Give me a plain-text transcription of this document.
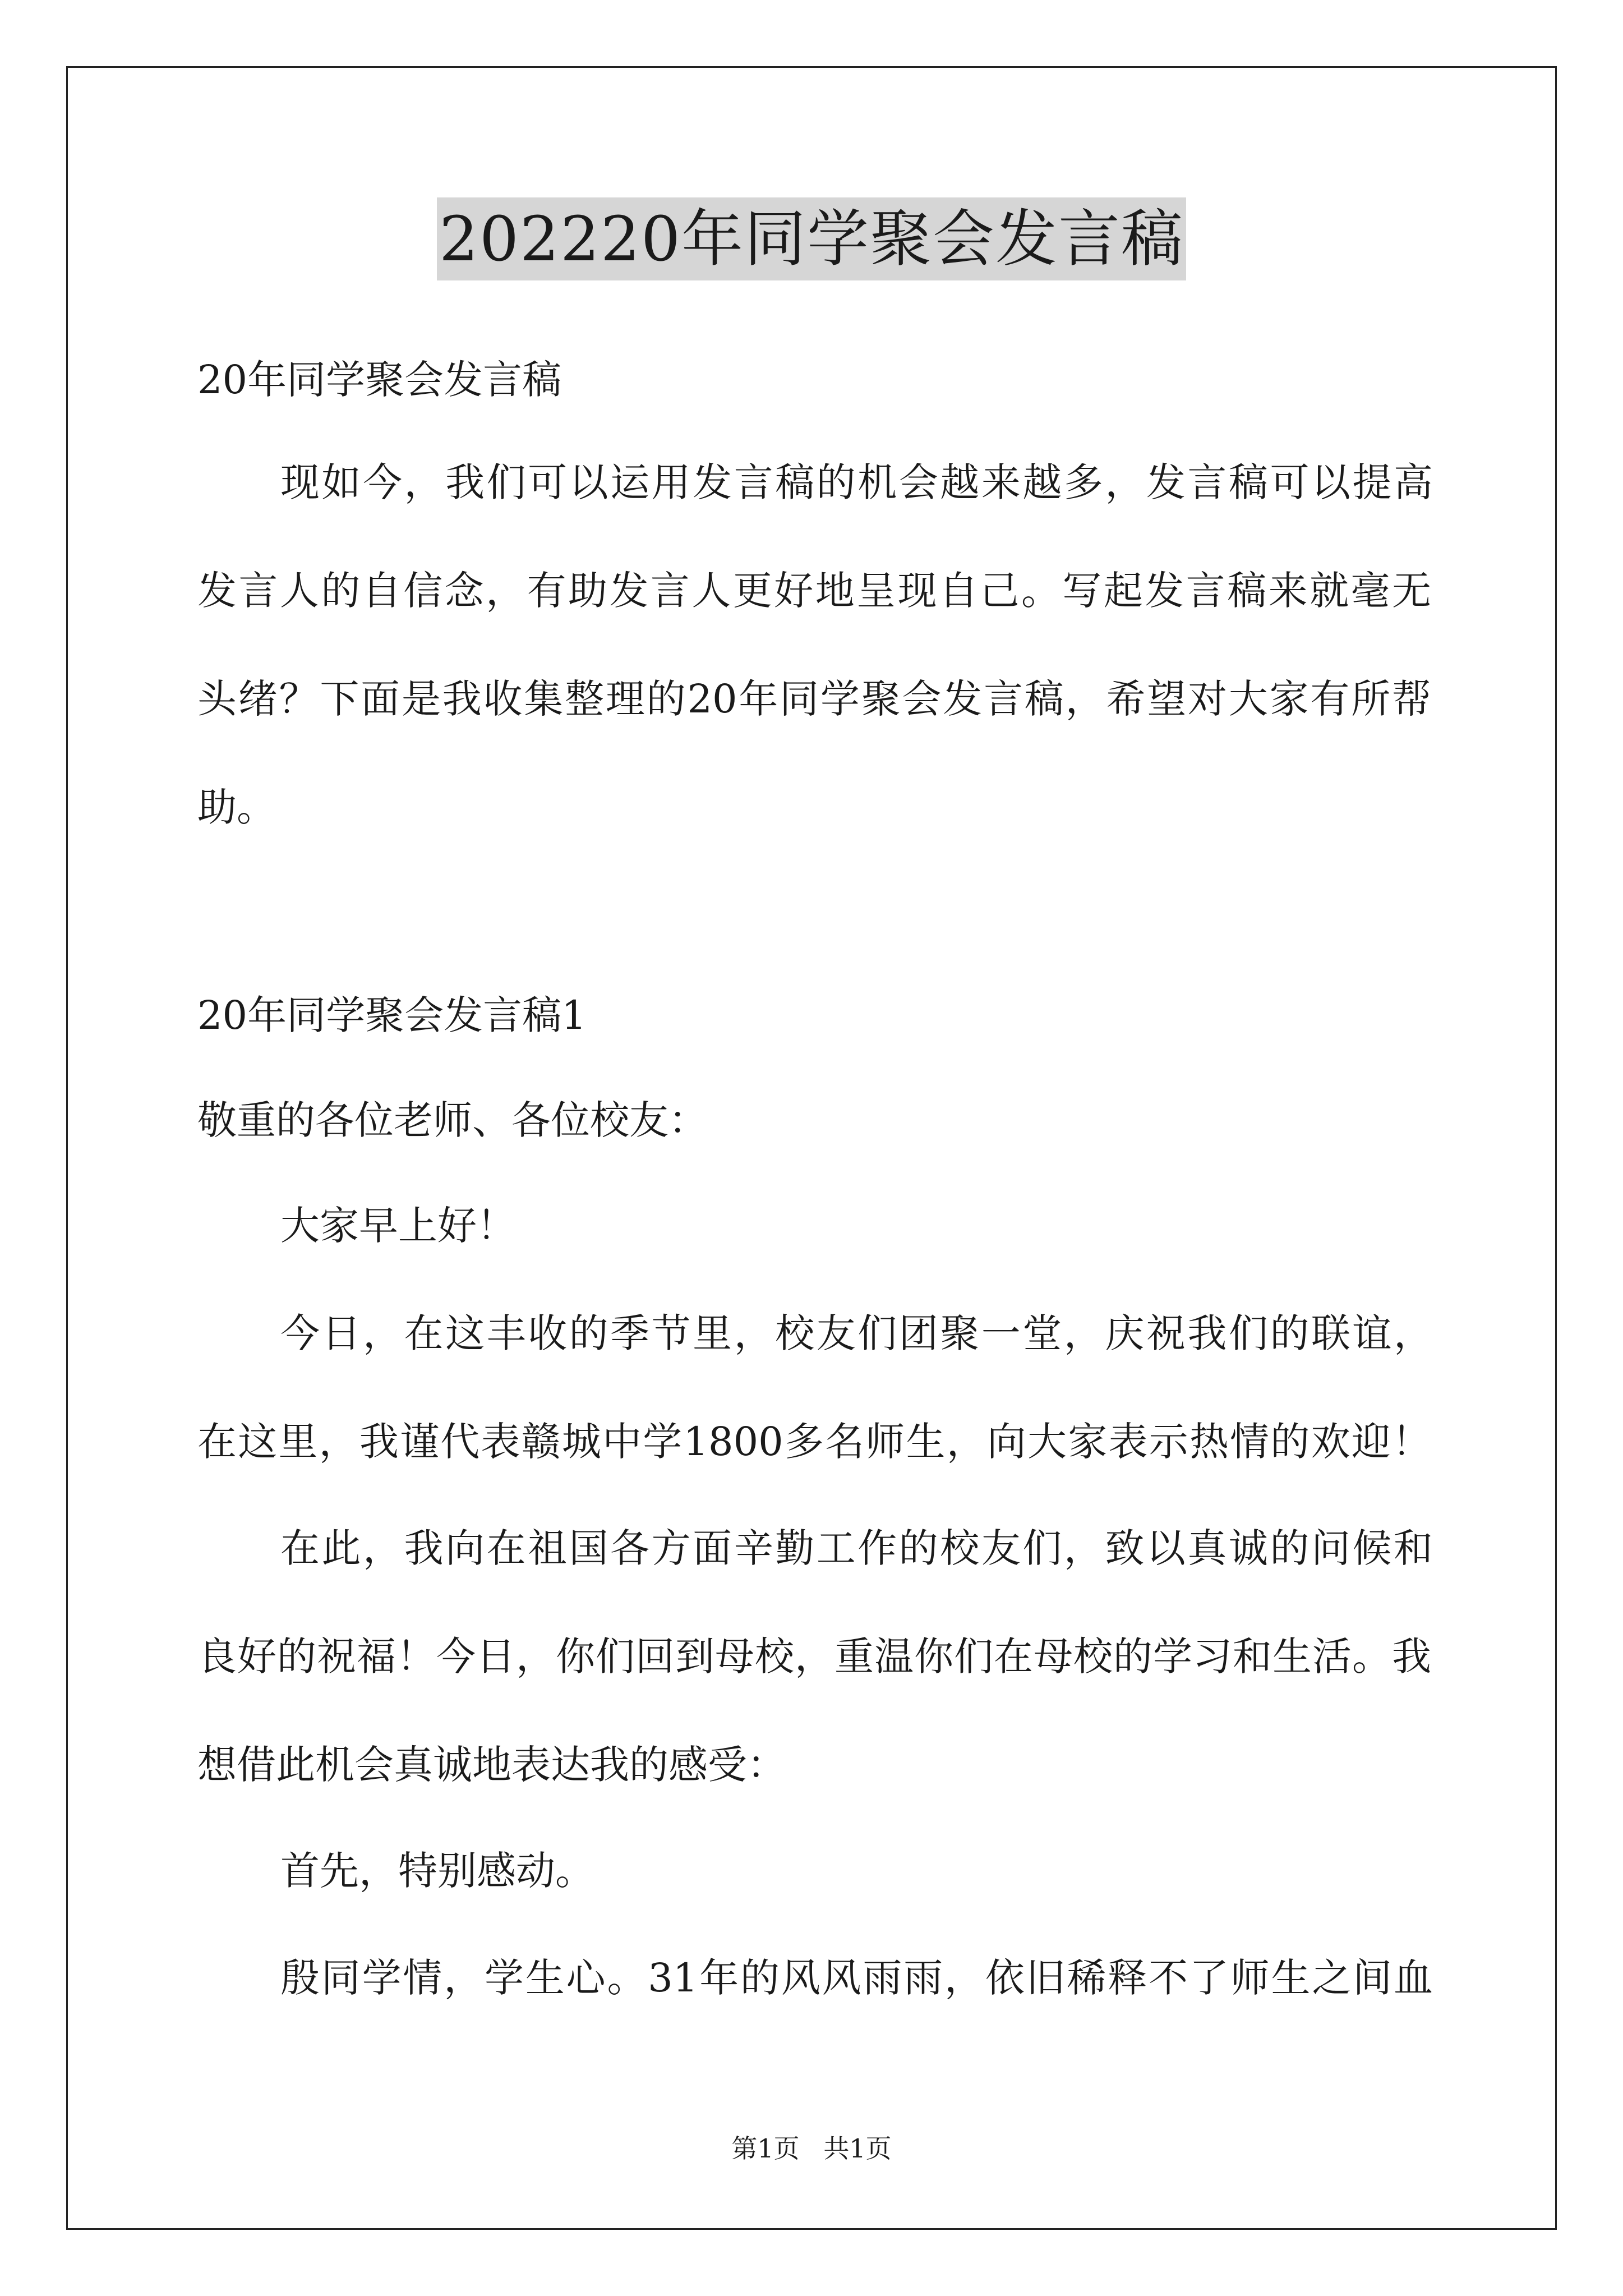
202220年同学聚会发言稿
20年同学聚会发言稿
现如今，我们可以运用发言稿的机会越来越多，发言稿可以提高
发言人的自信念，有助发言人更好地呈现自己。写起发言稿来就毫无
头绪？下面是我收集整理的20年同学聚会发言稿，希望对大家有所帮
助。
20年同学聚会发言稿1
敬重的各位老师、各位校友：
大家早上好！
今日，在这丰收的季节里，校友们团聚一堂，庆祝我们的联谊，
在这里，我谨代表赣城中学1800多名师生，向大家表示热情的欢迎！
在此，我向在祖国各方面辛勤工作的校友们，致以真诚的问候和
良好的祝福！今日，你们回到母校，重温你们在母校的学习和生活。我
想借此机会真诚地表达我的感受：
首先，特别感动。
殷同学情，学生心。31年的风风雨雨，依旧稀释不了师生之间血
第1页 共1页
